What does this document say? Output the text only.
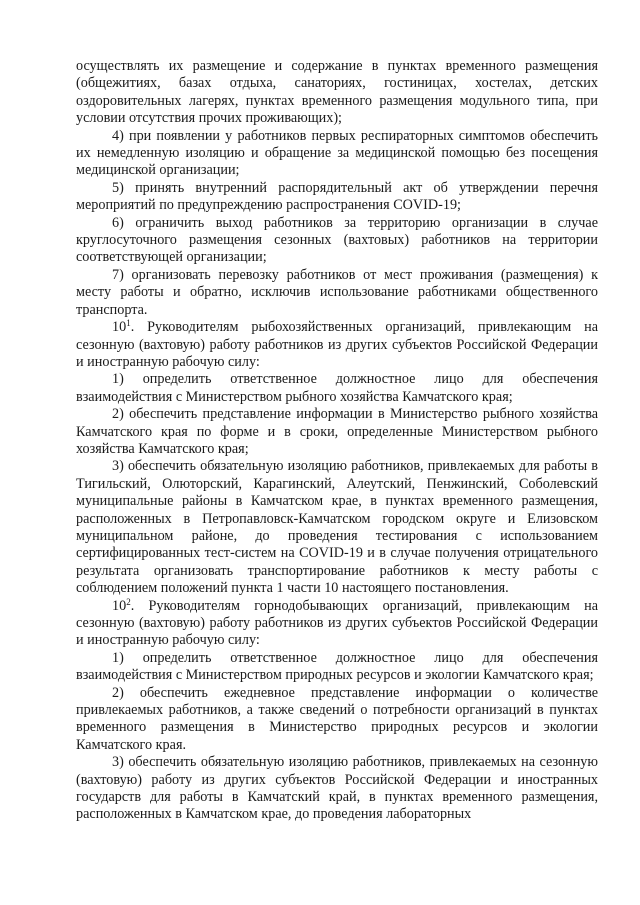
осуществлять их размещение и содержание в пунктах временного размещения (общежитиях, базах отдыха, санаториях, гостиницах, хостелах, детских оздоровительных лагерях, пунктах временного размещения модульного типа, при условии отсутствия прочих проживающих);

4) при появлении у работников первых респираторных симптомов обеспечить их немедленную изоляцию и обращение за медицинской помощью без посещения медицинской организации;

5) принять внутренний распорядительный акт об утверждении перечня мероприятий по предупреждению распространения COVID-19;

6) ограничить выход работников за территорию организации в случае круглосуточного размещения сезонных (вахтовых) работников на территории соответствующей организации;

7) организовать перевозку работников от мест проживания (размещения) к месту работы и обратно, исключив использование работниками общественного транспорта.

$10^1$. Руководителям рыбохозяйственных организаций, привлекающим на сезонную (вахтовую) работу работников из других субъектов Российской Федерации и иностранную рабочую силу:

1) определить ответственное должностное лицо для обеспечения взаимодействия с Министерством рыбного хозяйства Камчатского края;

2) обеспечить представление информации в Министерство рыбного хозяйства Камчатского края по форме и в сроки, определенные Министерством рыбного хозяйства Камчатского края;

3) обеспечить обязательную изоляцию работников, привлекаемых для работы в Тигильский, Олюторский, Карагинский, Алеутский, Пенжинский, Соболевский муниципальные районы в Камчатском крае, в пунктах временного размещения, расположенных в Петропавловск-Камчатском городском округе и Елизовском муниципальном районе, до проведения тестирования с использованием сертифицированных тест-систем на COVID-19 и в случае получения отрицательного результата организовать транспортирование работников к месту работы с соблюдением положений пункта 1 части 10 настоящего постановления.

$10^2$. Руководителям горнодобывающих организаций, привлекающим на сезонную (вахтовую) работу работников из других субъектов Российской Федерации и иностранную рабочую силу:

1) определить ответственное должностное лицо для обеспечения взаимодействия с Министерством природных ресурсов и экологии Камчатского края;

2) обеспечить ежедневное представление информации о количестве привлекаемых работников, а также сведений о потребности организаций в пунктах временного размещения в Министерство природных ресурсов и экологии Камчатского края.

3) обеспечить обязательную изоляцию работников, привлекаемых на сезонную (вахтовую) работу из других субъектов Российской Федерации и иностранных государств для работы в Камчатский край, в пунктах временного размещения, расположенных в Камчатском крае, до проведения лабораторных
